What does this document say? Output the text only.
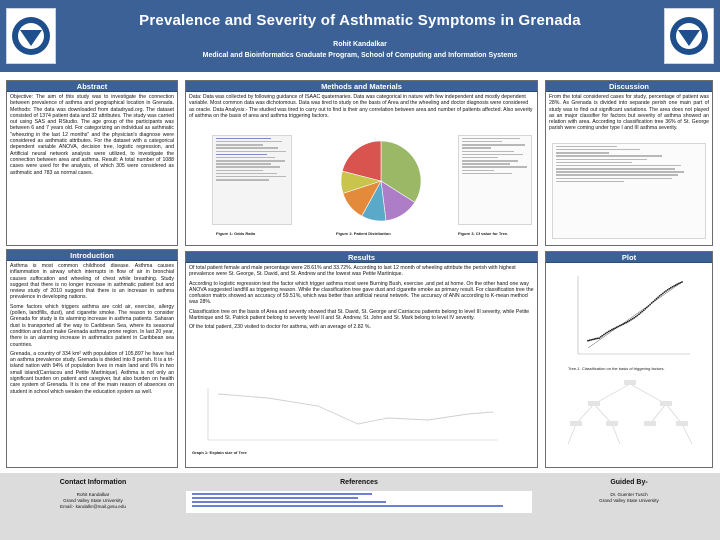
Prevalence and Severity of Asthmatic Symptoms in Grenada
Rohit Kandalkar
Medical and Bioinformatics Graduate Program, School of Computing and Information Systems
Abstract
Objective: The aim of this study was to investigate the connection between prevalence of asthma and geographical location in Grenada. Methods: The data was downloaded from datadryad.org. The dataset consisted of 1374 patient data and 32 attributes. The study was carried out using SAS and RStudio. The age group of the participants was between 6 and 7 years old. For categorizing an individual as asthmatic "wheezing in the last 12 months" and the physician's diagnose were considered as asthmatic attributes. For the dataset with a categorical dependent variable ANOVA, decision tree, logistic regression, and Artificial neural network analysis were utilized, to investigate the connection between area and asthma. Result: A total number of 1088 cases were used for the analysis, of which 305 were considered as asthmatic and 783 as normal cases.
Introduction

Asthma is most common childhood disease. Asthma causes inflammation in airway which interrupts in flow of air in bronchial causes suffocation and wheeling of chest while breathing. Study suggest that there is no longer increase in asthmatic patient but and review study of 2010 suggest that there is an increase in asthma prevalence in developing nations.

Some factors which triggers asthma are cold air, exercise, allergy (pollen, landfills, dust), and cigarette smoke. The reason to consider Grenada for study is its alarming increase in asthma patients. Saharan dust is transported all the way to Caribbean Sea, where its seasonal condition and dust make Grenada asthma prone region. In last 20 year, there is an alarming increase in asthmatics patient in Caribbean sea countries.

Grenada, a country of 334 km² with population of 105,897 he have had an asthma prevalence study. Grenada is divided into 8 perish. It is a tri-island nation with 94% of population lives in main land and 6% in two small island(Carriacou and Petite Martinique). Asthma is not only an significant burden on patient and caregiver, but also burden on health care system of Grenada. It is one of the main reason of absences on student in school which weaken the education system as well.

Methods and Materials
Data: Data was collected by following guidance of ISAAC quaternaries. Data was categorical in nature with few independent and mostly dependent variable. Most common data was dichotomous. Data was tired to study on the basis of Area and the wheeling and doctor diagnosis were considered as oracle. Data Analysis:- The studied was tired to carry out to find is their any correlation between area and number of patients affected. Also severity of asthma on the basis of area and asthma triggering factors.
Figure 1: Odds Ratio	Figure 2. Patient Distribution	Figure 3. Cf value for Tree.
Discussion
From the total considered cases for study, percentage of patient was 28%. As Grenada is divided into separate perish one main part of study was to find out significant variations. The area does not played as an major classifier for factors but severity of asthma showed an relation with area. According to classification tree 36% of St. George parish were coming under type I and III asthma severity.
Results

Of total patient female and male percentage were 28.61% and 33.72%. According to last 12 month of wheeling attribute the perish with highest prevalence were St. George, St. David, and St. Andrew and the lowest was Petite Martinique.

According to logistic regression test the factor which trigger asthma most were Burning Bush, exercise ,and pet at home. On the other hand one way ANOVA suggested landfill as triggering reason. While the classification tree gave dust and cigarette smoke as primary result. For classification tree the confusion matrix showed an accuracy of 59.51%, which was better than artificial neural network. The accuracy of ANN according to K-mean method was 28%.

Classification tree on the basis of Area and severity showed that St. David, St. George and Carriacou patients belong to level III severity, while Petite Martinique and St. Patrick patient belong to severity level II and St. Andrew, St. John and St. Mark belong to level IV severity.

Of the total patient, 230 visited to doctor for asthma, with an average of 2.82 %.

Graph 1: Explain size of Tree
Plot
Tree-1. Classification on the basis of triggering factors.
Contact Information
Rohit Kandalkar
Grand Valley State University
Email:- kandalkr@mail.gvsu.edu
References	Guided By-
Dr. Guenter Tusch
Grand Valley State University
